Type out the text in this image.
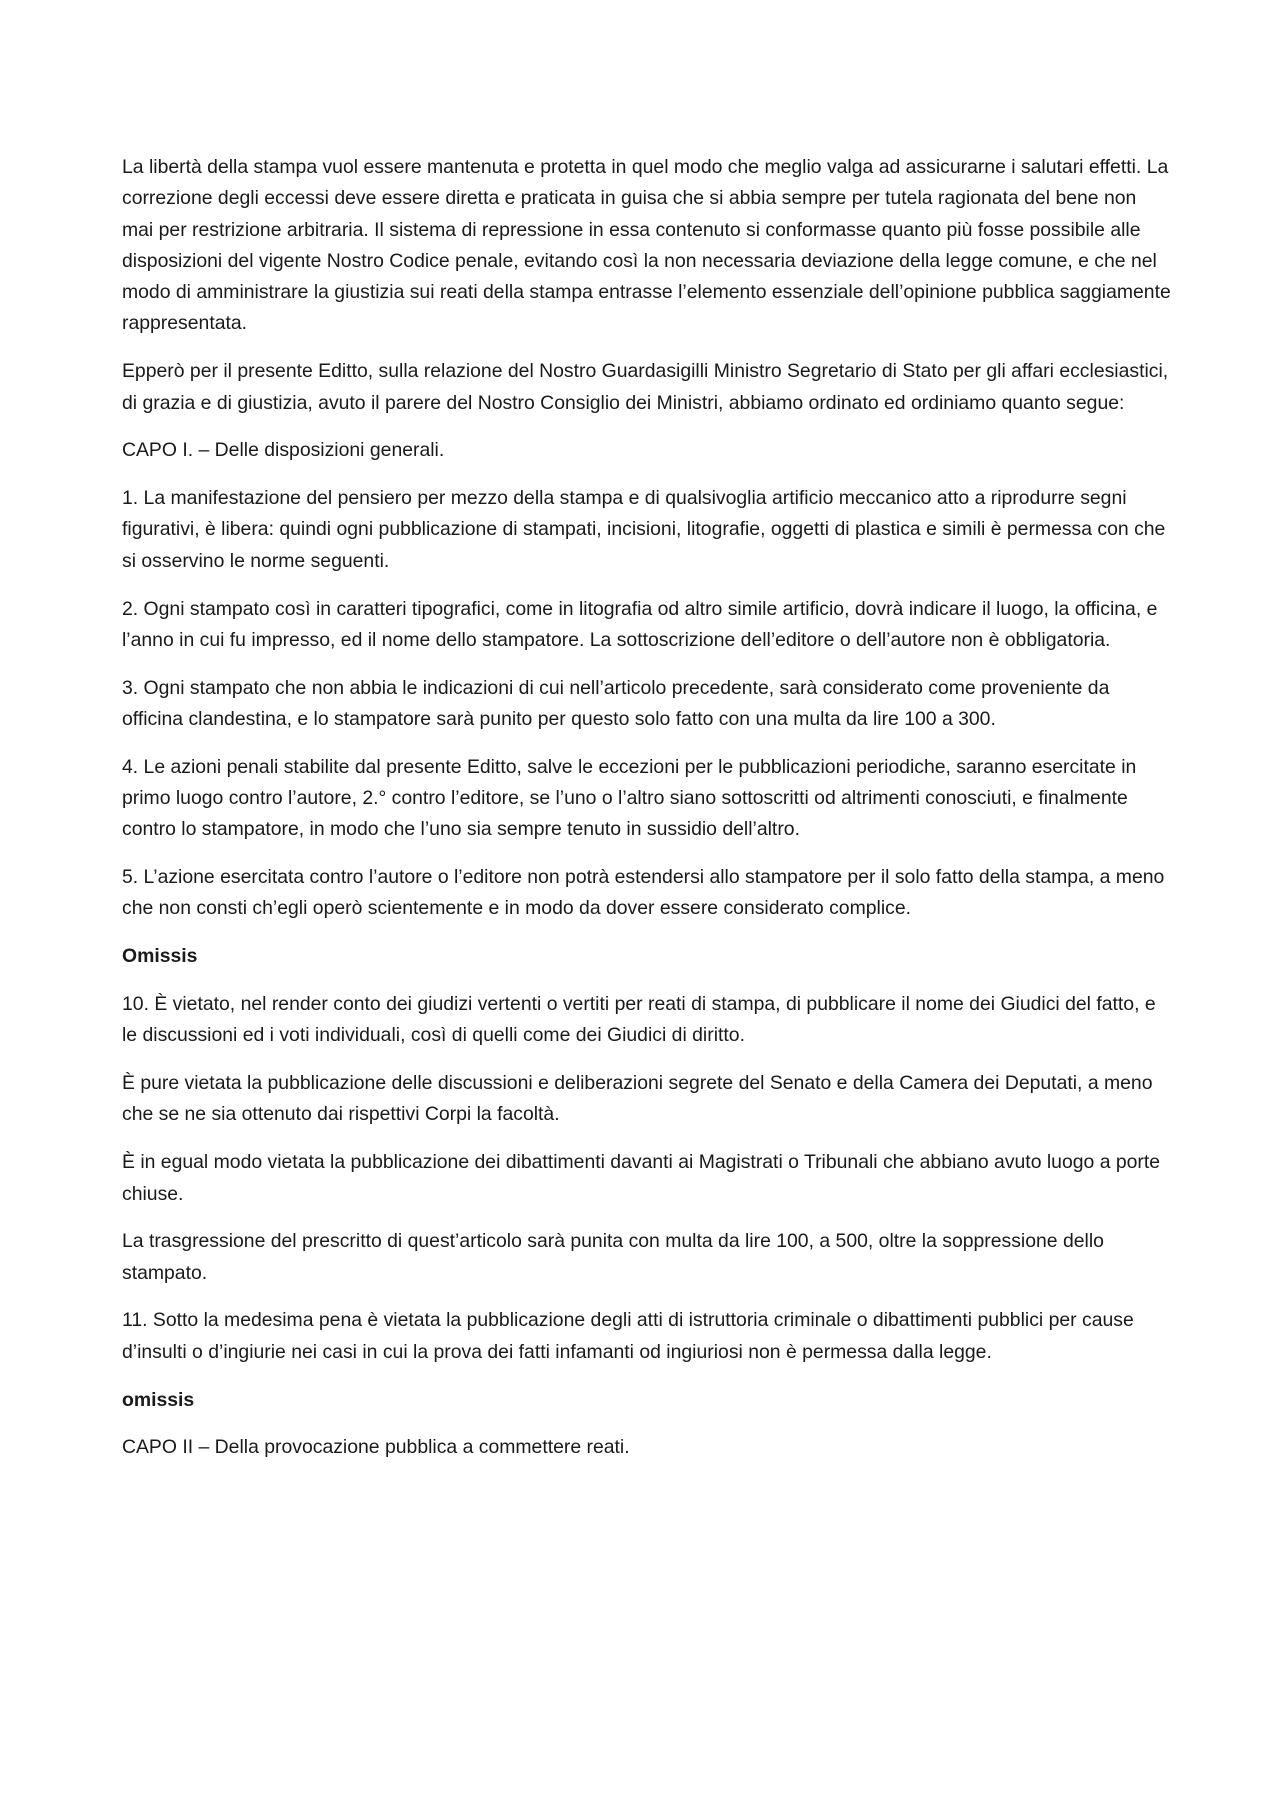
La libertà della stampa vuol essere mantenuta e protetta in quel modo che meglio valga ad assicurarne i salutari effetti. La correzione degli eccessi deve essere diretta e praticata in guisa che si abbia sempre per tutela ragionata del bene non mai per restrizione arbitraria. Il sistema di repressione in essa contenuto si conformasse quanto più fosse possibile alle disposizioni del vigente Nostro Codice penale, evitando così la non necessaria deviazione della legge comune, e che nel modo di amministrare la giustizia sui reati della stampa entrasse l’elemento essenziale dell’opinione pubblica saggiamente rappresentata.

Epperò per il presente Editto, sulla relazione del Nostro Guardasigilli Ministro Segretario di Stato per gli affari ecclesiastici, di grazia e di giustizia, avuto il parere del Nostro Consiglio dei Ministri, abbiamo ordinato ed ordiniamo quanto segue:

CAPO I. – Delle disposizioni generali.

1. La manifestazione del pensiero per mezzo della stampa e di qualsivoglia artificio meccanico atto a riprodurre segni figurativi, è libera: quindi ogni pubblicazione di stampati, incisioni, litografie, oggetti di plastica e simili è permessa con che si osservino le norme seguenti.

2. Ogni stampato così in caratteri tipografici, come in litografia od altro simile artificio, dovrà indicare il luogo, la officina, e l’anno in cui fu impresso, ed il nome dello stampatore. La sottoscrizione dell’editore o dell’autore non è obbligatoria.

3. Ogni stampato che non abbia le indicazioni di cui nell’articolo precedente, sarà considerato come proveniente da officina clandestina, e lo stampatore sarà punito per questo solo fatto con una multa da lire 100 a 300.

4. Le azioni penali stabilite dal presente Editto, salve le eccezioni per le pubblicazioni periodiche, saranno esercitate in primo luogo contro l’autore, 2.° contro l’editore, se l’uno o l’altro siano sottoscritti od altrimenti conosciuti, e finalmente contro lo stampatore, in modo che l’uno sia sempre tenuto in sussidio dell’altro.

5. L’azione esercitata contro l’autore o l’editore non potrà estendersi allo stampatore per il solo fatto della stampa, a meno che non consti ch’egli operò scientemente e in modo da dover essere considerato complice.

Omissis

10. È vietato, nel render conto dei giudizi vertenti o vertiti per reati di stampa, di pubblicare il nome dei Giudici del fatto, e le discussioni ed i voti individuali, così di quelli come dei Giudici di diritto.

È pure vietata la pubblicazione delle discussioni e deliberazioni segrete del Senato e della Camera dei Deputati, a meno che se ne sia ottenuto dai rispettivi Corpi la facoltà.

È in egual modo vietata la pubblicazione dei dibattimenti davanti ai Magistrati o Tribunali che abbiano avuto luogo a porte chiuse.

La trasgressione del prescritto di quest’articolo sarà punita con multa da lire 100, a 500, oltre la soppressione dello stampato.

11. Sotto la medesima pena è vietata la pubblicazione degli atti di istruttoria criminale o dibattimenti pubblici per cause d’insulti o d’ingiurie nei casi in cui la prova dei fatti infamanti od ingiuriosi non è permessa dalla legge.

omissis

CAPO II – Della provocazione pubblica a commettere reati.
